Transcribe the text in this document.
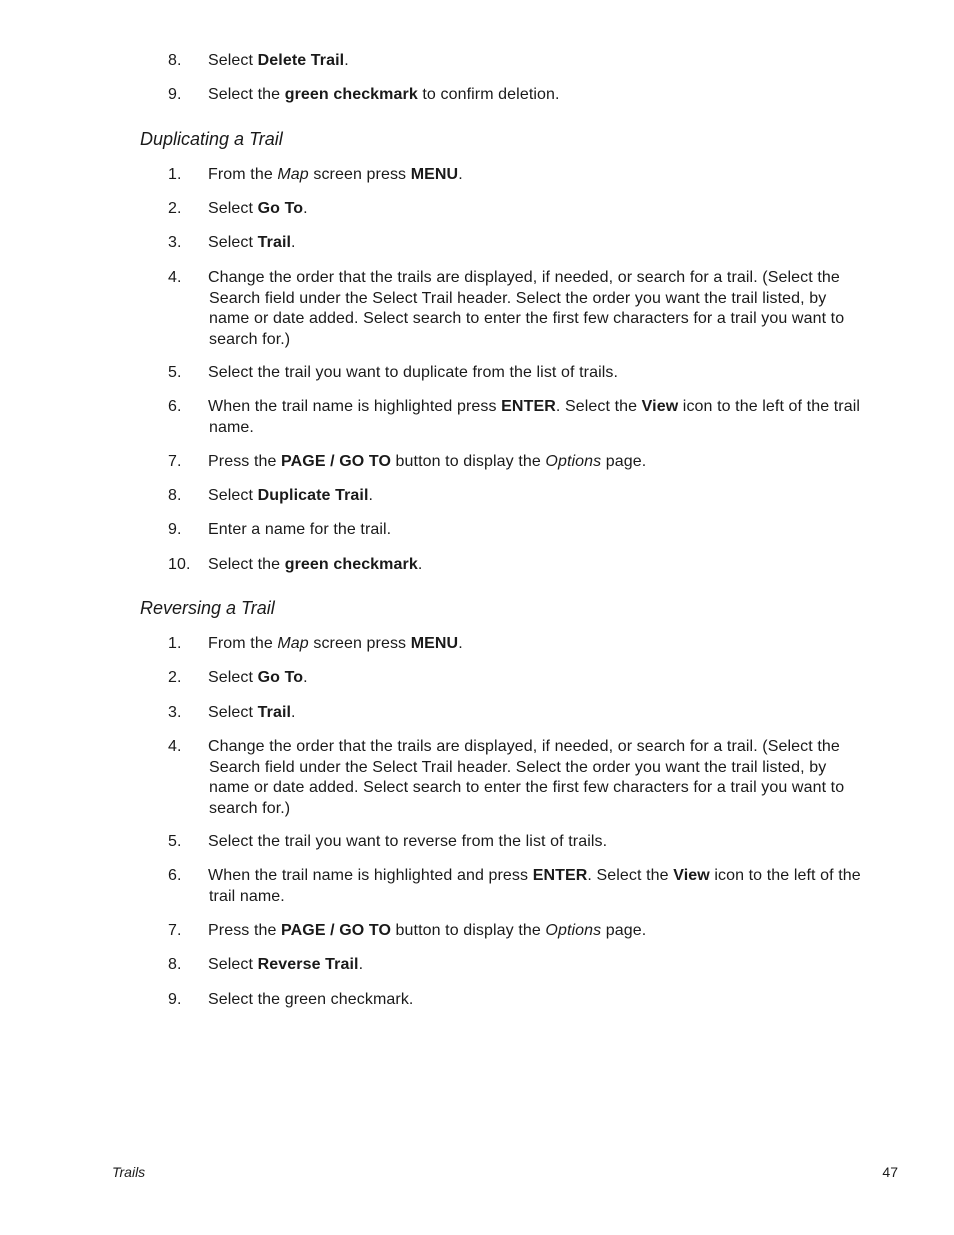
8. Select Delete Trail.
9. Select the green checkmark to confirm deletion.
Duplicating a Trail
1. From the Map screen press MENU.
2. Select Go To.
3. Select Trail.
4. Change the order that the trails are displayed, if needed, or search for a trail. (Select the
Search field under the Select Trail header. Select the order you want the trail listed, by
name or date added. Select search to enter the first few characters for a trail you want to
search for.)
5. Select the trail you want to duplicate from the list of trails.
6. When the trail name is highlighted press ENTER. Select the View icon to the left of the trail
name.
7. Press the PAGE / GO TO button to display the Options page.
8. Select Duplicate Trail.
9. Enter a name for the trail.
10. Select the green checkmark.
Reversing a Trail
1. From the Map screen press MENU.
2. Select Go To.
3. Select Trail.
4. Change the order that the trails are displayed, if needed, or search for a trail. (Select the
Search field under the Select Trail header. Select the order you want the trail listed, by
name or date added. Select search to enter the first few characters for a trail you want to
search for.)
5. Select the trail you want to reverse from the list of trails.
6. When the trail name is highlighted and press ENTER. Select the View icon to the left of the
trail name.
7. Press the PAGE / GO TO button to display the Options page.
8. Select Reverse Trail.
9. Select the green checkmark.
Trails	47
